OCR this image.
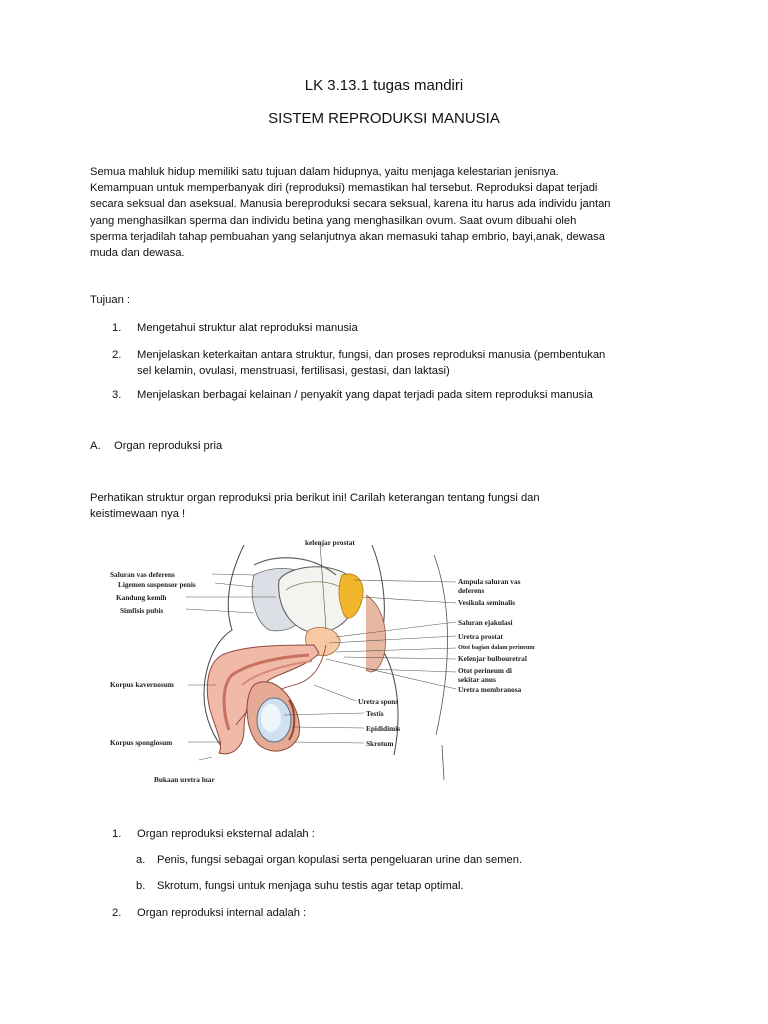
LK 3.13.1 tugas mandiri
SISTEM REPRODUKSI MANUSIA
Semua mahluk hidup memiliki satu tujuan dalam hidupnya, yaitu menjaga kelestarian jenisnya.
Kemampuan untuk memperbanyak diri (reproduksi) memastikan hal tersebut. Reproduksi dapat terjadi
secara seksual dan aseksual. Manusia bereproduksi secara seksual, karena itu harus ada individu jantan
yang menghasilkan sperma dan individu betina yang menghasilkan ovum. Saat ovum dibuahi oleh
sperma terjadilah tahap pembuahan yang selanjutnya akan memasuki tahap embrio, bayi,anak, dewasa
muda dan dewasa.
Tujuan :
1.	Mengetahui struktur alat reproduksi manusia
2.	Menjelaskan keterkaitan antara struktur, fungsi, dan proses reproduksi manusia (pembentukan
sel kelamin, ovulasi, menstruasi, fertilisasi, gestasi, dan laktasi)
3.	Menjelaskan berbagai kelainan / penyakit yang dapat terjadi pada sitem reproduksi manusia
A. Organ reproduksi pria
Perhatikan struktur organ reproduksi pria berikut ini! Carilah keterangan tentang fungsi dan
keistimewaan nya !
kelenjar prostat
Saluran vas deferens
Ligemen suspensor penis
Kandung kemih
Simfisis pubis
Korpus kavernosum
Korpus spongiosum
Bukaan uretra luar
Ampula saluran vas
deferens
Vesikula seminalis
Saluran ejakulasi
Uretra prostat
Otot bagian dalam perineum
Kelenjar bulbouretral
Otot perineum di
sekitar anus
Uretra membranosa
Uretra spons
Testis
Epididimis
Skrotum
1.	Organ reproduksi eksternal adalah :
a.	Penis, fungsi sebagai organ kopulasi serta pengeluaran urine dan semen.
b.	Skrotum, fungsi untuk menjaga suhu testis agar tetap optimal.
2.	Organ reproduksi internal adalah :
